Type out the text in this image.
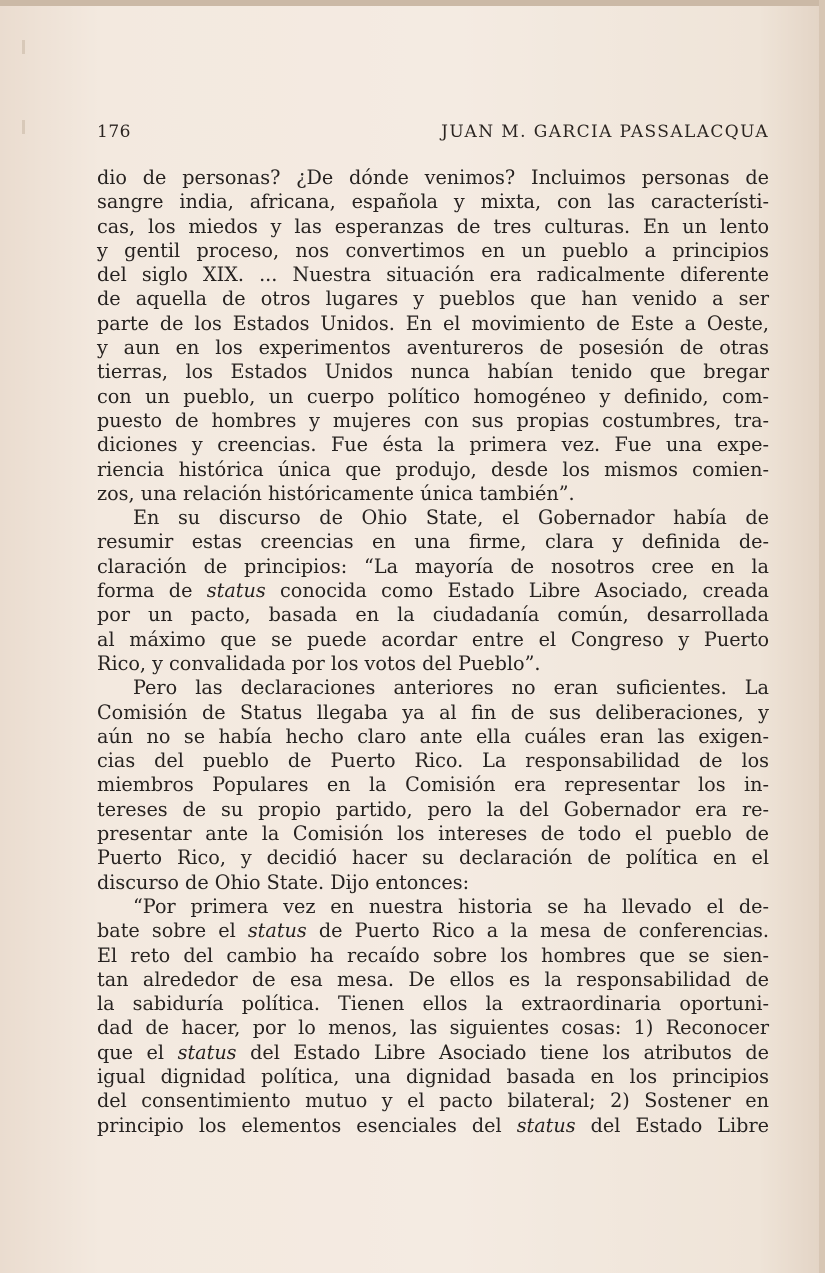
176	JUAN M. GARCIA PASSALACQUA
dio de personas? ¿De dónde venimos? Incluimos personas de
sangre india, africana, española y mixta, con las característi-
cas, los miedos y las esperanzas de tres culturas. En un lento
y gentil proceso, nos convertimos en un pueblo a principios
del siglo XIX. ... Nuestra situación era radicalmente diferente
de aquella de otros lugares y pueblos que han venido a ser
parte de los Estados Unidos. En el movimiento de Este a Oeste,
y aun en los experimentos aventureros de posesión de otras
tierras, los Estados Unidos nunca habían tenido que bregar
con un pueblo, un cuerpo político homogéneo y definido, com-
puesto de hombres y mujeres con sus propias costumbres, tra-
diciones y creencias. Fue ésta la primera vez. Fue una expe-
riencia histórica única que produjo, desde los mismos comien-
zos, una relación históricamente única también”.
En su discurso de Ohio State, el Gobernador había de
resumir estas creencias en una firme, clara y definida de-
claración de principios: “La mayoría de nosotros cree en la
forma de status conocida como Estado Libre Asociado, creada
por un pacto, basada en la ciudadanía común, desarrollada
al máximo que se puede acordar entre el Congreso y Puerto
Rico, y convalidada por los votos del Pueblo”.
Pero las declaraciones anteriores no eran suficientes. La
Comisión de Status llegaba ya al fin de sus deliberaciones, y
aún no se había hecho claro ante ella cuáles eran las exigen-
cias del pueblo de Puerto Rico. La responsabilidad de los
miembros Populares en la Comisión era representar los in-
tereses de su propio partido, pero la del Gobernador era re-
presentar ante la Comisión los intereses de todo el pueblo de
Puerto Rico, y decidió hacer su declaración de política en el
discurso de Ohio State. Dijo entonces:
“Por primera vez en nuestra historia se ha llevado el de-
bate sobre el status de Puerto Rico a la mesa de conferencias.
El reto del cambio ha recaído sobre los hombres que se sien-
tan alrededor de esa mesa. De ellos es la responsabilidad de
la sabiduría política. Tienen ellos la extraordinaria oportuni-
dad de hacer, por lo menos, las siguientes cosas: 1) Reconocer
que el status del Estado Libre Asociado tiene los atributos de
igual dignidad política, una dignidad basada en los principios
del consentimiento mutuo y el pacto bilateral; 2) Sostener en
principio los elementos esenciales del status del Estado Libre
